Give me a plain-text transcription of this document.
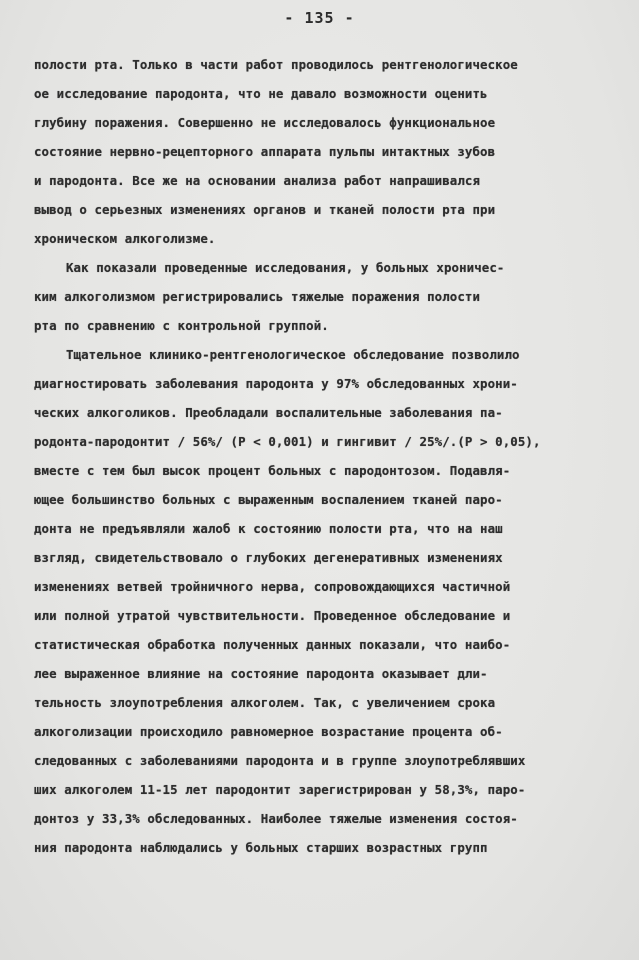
- 135 -
полости рта. Только в части работ проводилось рентгенологическое
ое исследование пародонта, что не давало возможности оценить
глубину поражения. Совершенно не исследовалось функциональное
состояние нервно-рецепторного аппарата пульпы интактных зубов
и пародонта. Все же на основании анализа работ напрашивался
вывод о серьезных изменениях органов и тканей полости рта при
хроническом алкоголизме.
Как показали проведенные исследования, у больных хроничес-
ким алкоголизмом регистрировались тяжелые поражения полости
рта по сравнению с контрольной группой.
Тщательное клинико-рентгенологическое обследование позволило
диагностировать заболевания пародонта у 97% обследованных хрони-
ческих алкоголиков. Преобладали воспалительные заболевания па-
родонта-пародонтит / 56%/ (P < 0,001) и гингивит / 25%/.(P > 0,05),
вместе с тем был высок процент больных с пародонтозом. Подавля-
ющее большинство больных с выраженным воспалением тканей паро-
донта не предъявляли жалоб к состоянию полости рта, что на наш
взгляд, свидетельствовало о глубоких дегенеративных изменениях
изменениях ветвей тройничного нерва, сопровождающихся частичной
или полной утратой чувствительности. Проведенное обследование и
статистическая обработка полученных данных показали, что наибо-
лее выраженное влияние на состояние пародонта оказывает дли-
тельность злоупотребления алкоголем. Так, с увеличением срока
алкоголизации происходило равномерное возрастание процента об-
следованных с заболеваниями пародонта и в группе злоупотреблявших
ших алкоголем 11-15 лет пародонтит зарегистрирован у 58,3%, паро-
донтоз у 33,3% обследованных. Наиболее тяжелые изменения состоя-
ния пародонта наблюдались у больных старших возрастных групп
